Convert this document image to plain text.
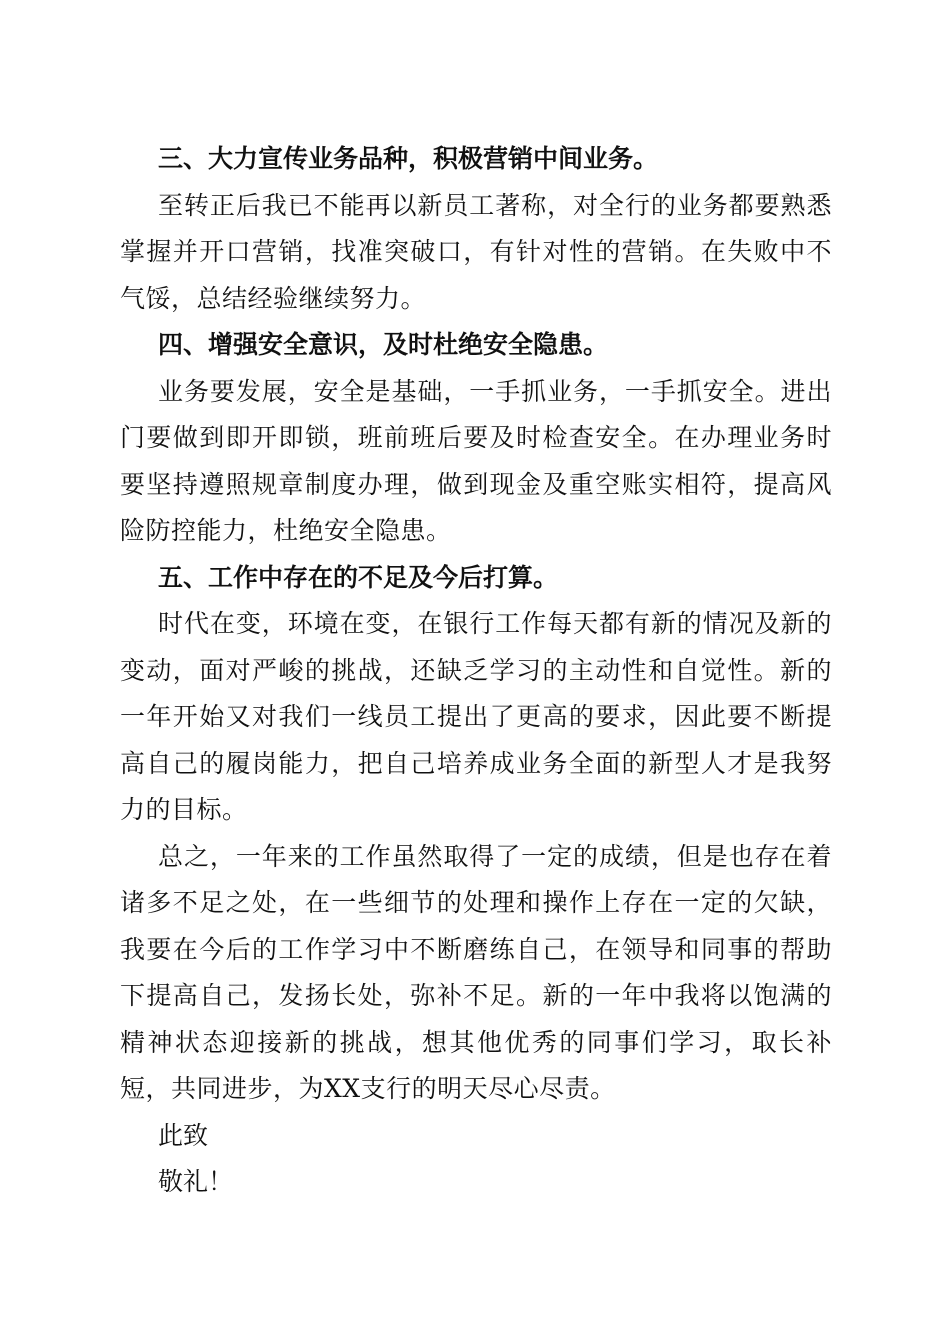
三、大力宣传业务品种，积极营销中间业务。

至转正后我已不能再以新员工著称，对全行的业务都要熟悉掌握并开口营销，找准突破口，有针对性的营销。在失败中不气馁，总结经验继续努力。

四、增强安全意识，及时杜绝安全隐患。

业务要发展，安全是基础，一手抓业务，一手抓安全。进出门要做到即开即锁，班前班后要及时检查安全。在办理业务时要坚持遵照规章制度办理，做到现金及重空账实相符，提高风险防控能力，杜绝安全隐患。

五、工作中存在的不足及今后打算。

时代在变，环境在变，在银行工作每天都有新的情况及新的变动，面对严峻的挑战，还缺乏学习的主动性和自觉性。新的一年开始又对我们一线员工提出了更高的要求，因此要不断提高自己的履岗能力，把自己培养成业务全面的新型人才是我努力的目标。

总之，一年来的工作虽然取得了一定的成绩，但是也存在着诸多不足之处，在一些细节的处理和操作上存在一定的欠缺，我要在今后的工作学习中不断磨练自己，在领导和同事的帮助下提高自己，发扬长处，弥补不足。新的一年中我将以饱满的精神状态迎接新的挑战，想其他优秀的同事们学习，取长补短，共同进步，为XX支行的明天尽心尽责。

此致

敬礼！
